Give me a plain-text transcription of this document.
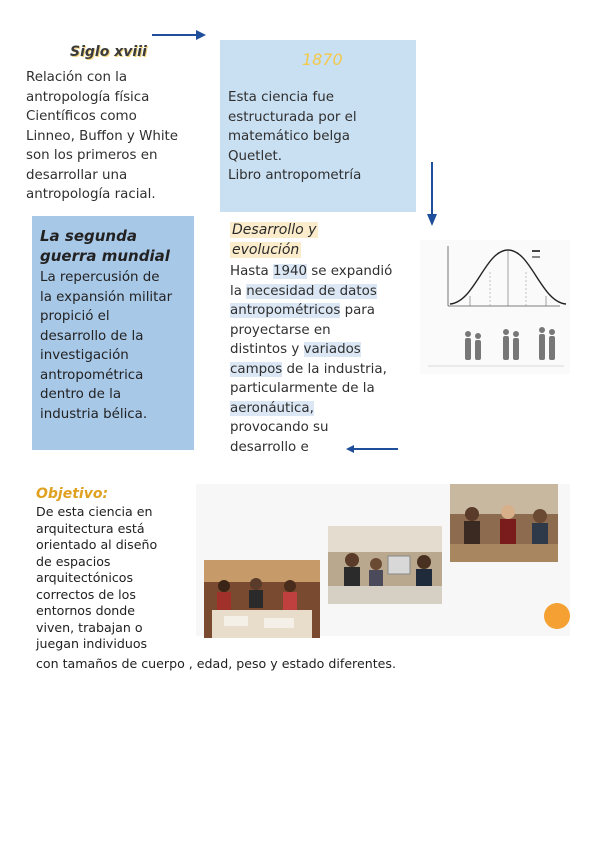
Siglo xviii
Relación con la
antropología física
Científicos como
Linneo, Buffon y White
son los primeros en
desarrollar una
antropología racial.
1870
Esta ciencia fue
estructurada por el
matemático belga
Quetlet.
Libro antropometría
La segunda
guerra mundial
La repercusión de
la expansión militar
propició el
desarrollo de la
investigación
antropométrica
dentro de la
industria bélica.
Desarrollo y
evolución
Hasta 1940 se expandió
la necesidad de datos
antropométricos para
proyectarse en
distintos y variados
campos de la industria,
particularmente de la
aeronáutica,
provocando su
desarrollo e
Objetivo:
De esta ciencia en
arquitectura está
orientado al diseño
de espacios
arquitectónicos
correctos de los
entornos donde
viven, trabajan o
juegan individuos
con tamaños de cuerpo , edad, peso y estado diferentes.
